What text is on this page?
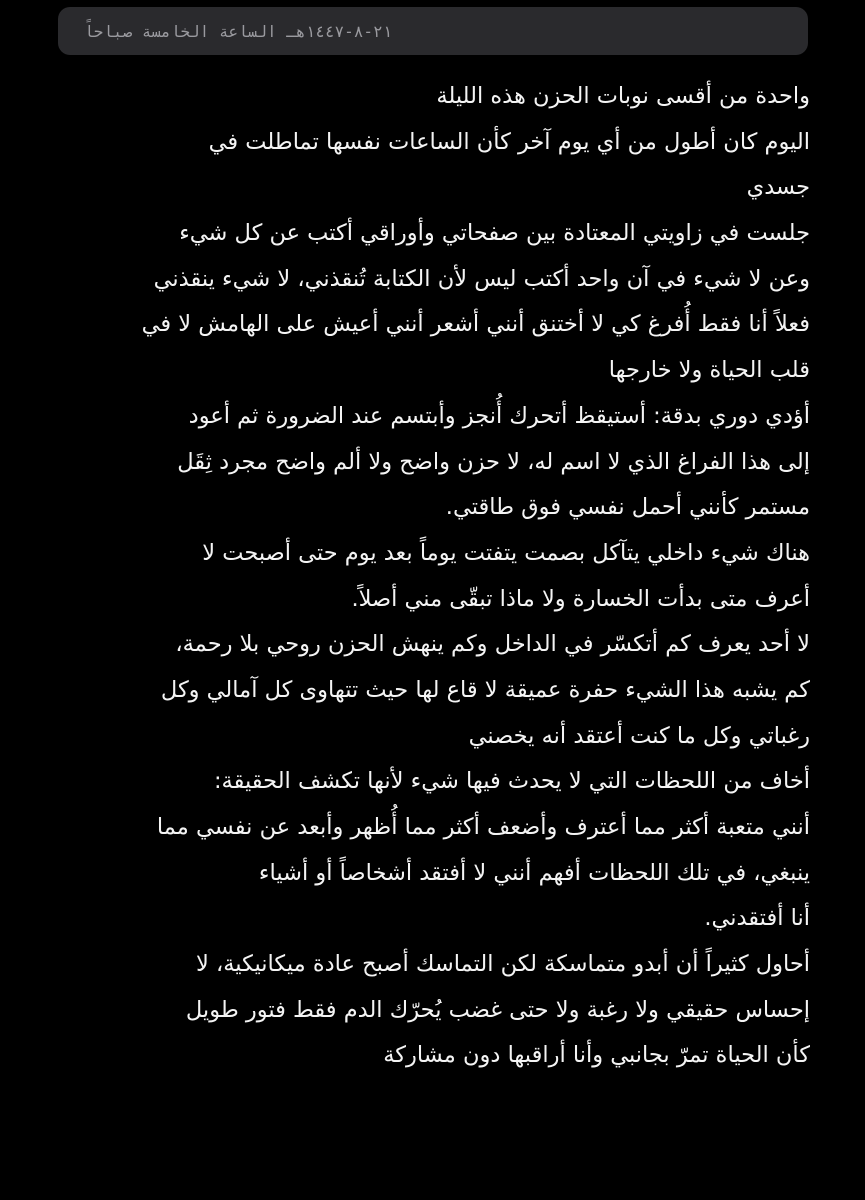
٢١-٨-١٤٤٧هـ الساعة الخامسة صباحاً
واحدة من أقسى نوبات الحزن هذه الليلة
اليوم كان أطول من أي يوم آخر كأن الساعات نفسها تماطلت في
جسدي
جلست في زاويتي المعتادة بين صفحاتي وأوراقي أكتب عن كل شيء
وعن لا شيء في آن واحد أكتب ليس لأن الكتابة تُنقذني، لا شيء ينقذني
فعلاً أنا فقط أُفرغ كي لا أختنق أنني أشعر أنني أعيش على الهامش لا في
قلب الحياة ولا خارجها
أؤدي دوري بدقة: أستيقظ أتحرك أُنجز وأبتسم عند الضرورة ثم أعود
إلى هذا الفراغ الذي لا اسم له، لا حزن واضح ولا ألم واضح مجرد ثِقَل
مستمر كأنني أحمل نفسي فوق طاقتي.
هناك شيء داخلي يتآكل بصمت يتفتت يوماً بعد يوم حتى أصبحت لا
أعرف متى بدأت الخسارة ولا ماذا تبقّى مني أصلاً.
لا أحد يعرف كم أتكسّر في الداخل وكم ينهش الحزن روحي بلا رحمة،
كم يشبه هذا الشيء حفرة عميقة لا قاع لها حيث تتهاوى كل آمالي وكل
رغباتي وكل ما كنت أعتقد أنه يخصني
أخاف من اللحظات التي لا يحدث فيها شيء لأنها تكشف الحقيقة:
أنني متعبة أكثر مما أعترف وأضعف أكثر مما أُظهر وأبعد عن نفسي مما
ينبغي، في تلك اللحظات أفهم أنني لا أفتقد أشخاصاً أو أشياء
أنا أفتقدني.
أحاول كثيراً أن أبدو متماسكة لكن التماسك أصبح عادة ميكانيكية، لا
إحساس حقيقي ولا رغبة ولا حتى غضب يُحرّك الدم فقط فتور طويل
كأن الحياة تمرّ بجانبي وأنا أراقبها دون مشاركة
